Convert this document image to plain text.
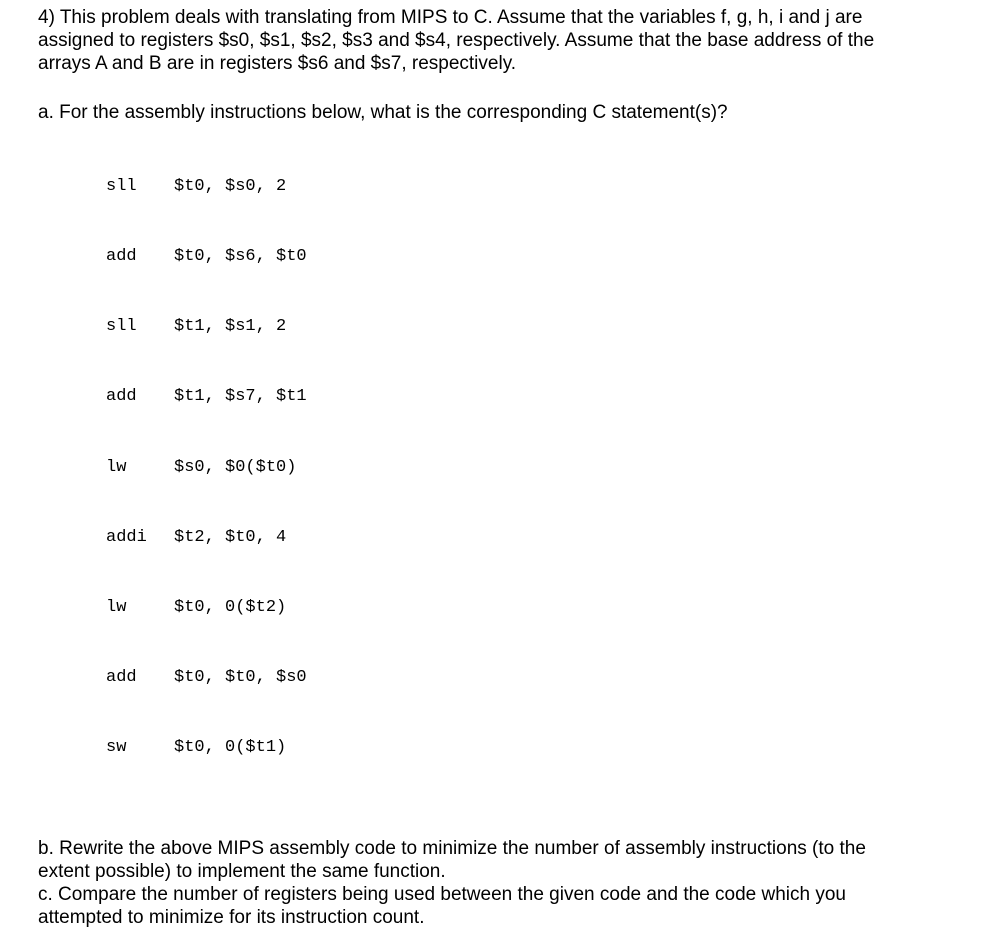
4) This problem deals with translating from MIPS to C. Assume that the variables f, g, h, i and j are
assigned to registers $s0, $s1, $s2, $s3 and $s4, respectively. Assume that the base address of the
arrays A and B are in registers $s6 and $s7, respectively.

a. For the assembly instructions below, what is the corresponding C statement(s)?

sll $t0, $s0, 2

add $t0, $s6, $t0

sll $t1, $s1, 2

add $t1, $s7, $t1

lw	$s0, $0($t0)

addi $t2, $t0, 4

lw	$t0, 0($t2)

add $t0, $t0, $s0

sw	$t0, 0($t1)

b. Rewrite the above MIPS assembly code to minimize the number of assembly instructions (to the
extent possible) to implement the same function.

c. Compare the number of registers being used between the given code and the code which you
attempted to minimize for its instruction count.
